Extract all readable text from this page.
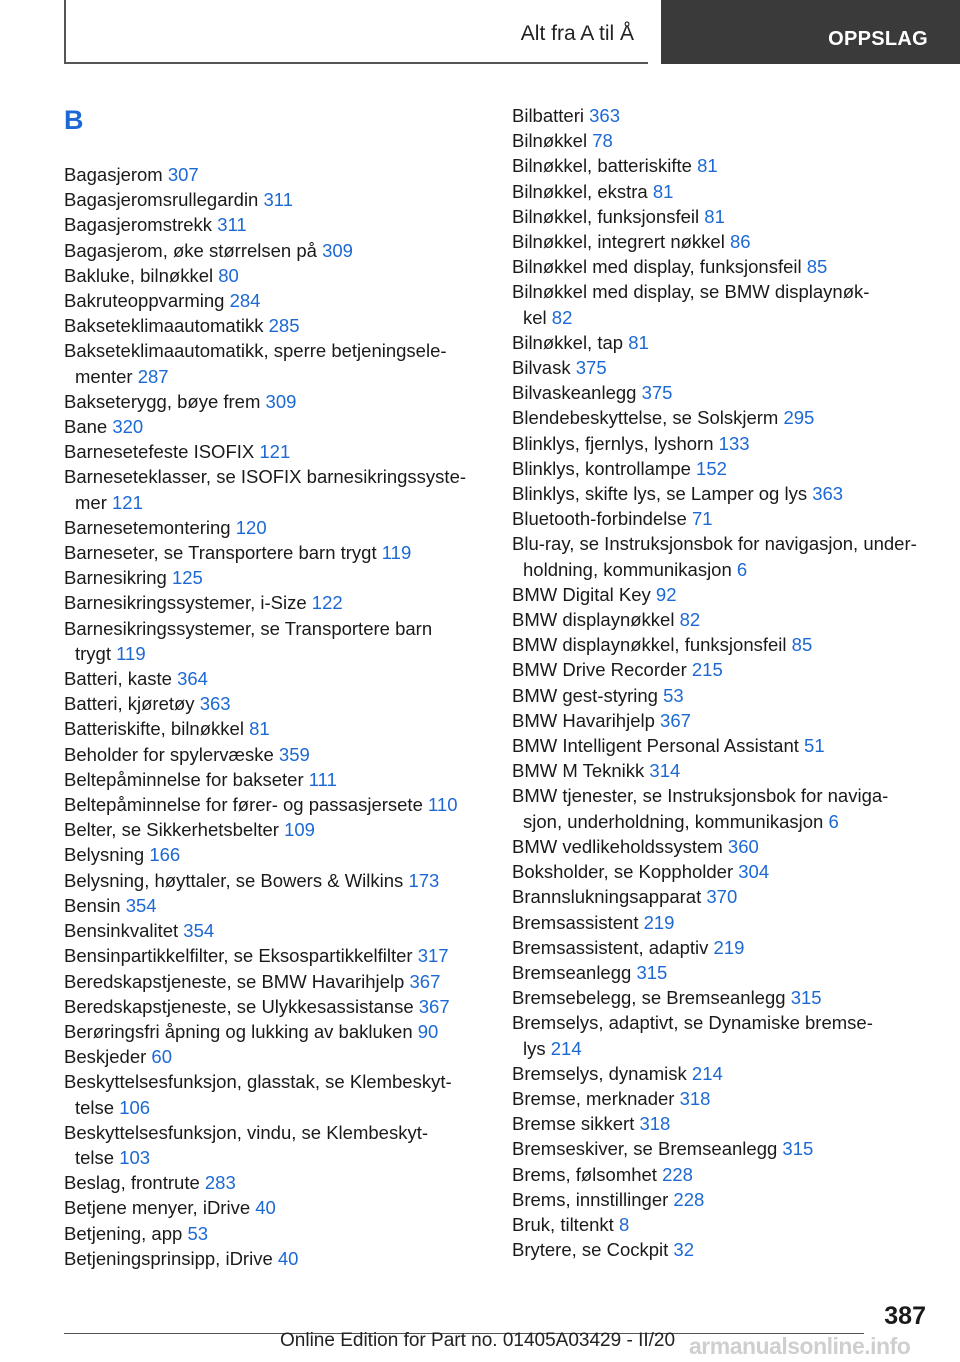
Alt fra A til Å	OPPSLAG
B
Bagasjerom 307
Bagasjeromsrullegardin 311
Bagasjeromstrekk 311
Bagasjerom, øke størrelsen på 309
Bakluke, bilnøkkel 80
Bakruteoppvarming 284
Bakseteklimaautomatikk 285
Bakseteklimaautomatikk, sperre betjeningsele-
menter 287
Bakseterygg, bøye frem 309
Bane 320
Barnesetefeste ISOFIX 121
Barneseteklasser, se ISOFIX barnesikringssyste-
mer 121
Barnesetemontering 120
Barneseter, se Transportere barn trygt 119
Barnesikring 125
Barnesikringssystemer, i-Size 122
Barnesikringssystemer, se Transportere barn
trygt 119
Batteri, kaste 364
Batteri, kjøretøy 363
Batteriskifte, bilnøkkel 81
Beholder for spylervæske 359
Beltepåminnelse for bakseter 111
Beltepåminnelse for fører- og passasjersete 110
Belter, se Sikkerhetsbelter 109
Belysning 166
Belysning, høyttaler, se Bowers & Wilkins 173
Bensin 354
Bensinkvalitet 354
Bensinpartikkelfilter, se Eksospartikkelfilter 317
Beredskapstjeneste, se BMW Havarihjelp 367
Beredskapstjeneste, se Ulykkesassistanse 367
Berøringsfri åpning og lukking av bakluken 90
Beskjeder 60
Beskyttelsesfunksjon, glasstak, se Klembeskyt-
telse 106
Beskyttelsesfunksjon, vindu, se Klembeskyt-
telse 103
Beslag, frontrute 283
Betjene menyer, iDrive 40
Betjening, app 53
Betjeningsprinsipp, iDrive 40
Bilbatteri 363
Bilnøkkel 78
Bilnøkkel, batteriskifte 81
Bilnøkkel, ekstra 81
Bilnøkkel, funksjonsfeil 81
Bilnøkkel, integrert nøkkel 86
Bilnøkkel med display, funksjonsfeil 85
Bilnøkkel med display, se BMW displaynøk-
kel 82
Bilnøkkel, tap 81
Bilvask 375
Bilvaskeanlegg 375
Blendebeskyttelse, se Solskjerm 295
Blinklys, fjernlys, lyshorn 133
Blinklys, kontrollampe 152
Blinklys, skifte lys, se Lamper og lys 363
Bluetooth-forbindelse 71
Blu-ray, se Instruksjonsbok for navigasjon, under-
holdning, kommunikasjon 6
BMW Digital Key 92
BMW displaynøkkel 82
BMW displaynøkkel, funksjonsfeil 85
BMW Drive Recorder 215
BMW gest-styring 53
BMW Havarihjelp 367
BMW Intelligent Personal Assistant 51
BMW M Teknikk 314
BMW tjenester, se Instruksjonsbok for naviga-
sjon, underholdning, kommunikasjon 6
BMW vedlikeholdssystem 360
Boksholder, se Koppholder 304
Brannslukningsapparat 370
Bremsassistent 219
Bremsassistent, adaptiv 219
Bremseanlegg 315
Bremsebelegg, se Bremseanlegg 315
Bremselys, adaptivt, se Dynamiske bremse-
lys 214
Bremselys, dynamisk 214
Bremse, merknader 318
Bremse sikkert 318
Bremseskiver, se Bremseanlegg 315
Brems, følsomhet 228
Brems, innstillinger 228
Bruk, tiltenkt 8
Brytere, se Cockpit 32
387
Online Edition for Part no. 01405A03429 - II/20 armanualsonline.info
